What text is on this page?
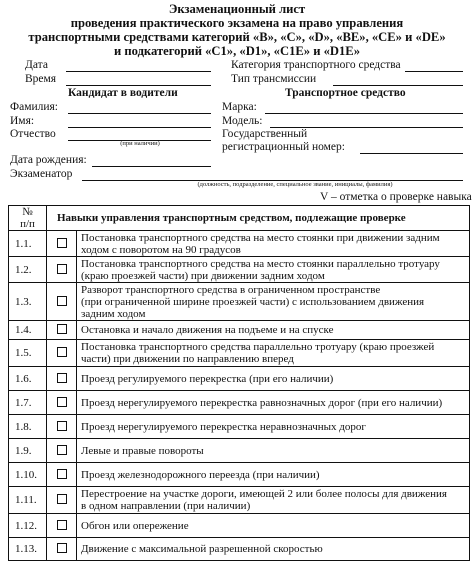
Экзаменационный лист
проведения практического экзамена на право управления
транспортными средствами категорий «В», «С», «D», «ВЕ», «СЕ» и «DE»
и подкатегорий «С1», «D1», «С1Е» и «D1Е»
Дата
Время
Категория транспортного средства
Тип трансмиссии
Кандидат в водители	Транспортное средство
Фамилия:
Имя:
Отчество
(при наличии)
Дата рождения:
Экзаменатор
(должность, подразделение, специальное звание, инициалы, фамилия)
Марка:
Модель:
Государственный
регистрационный номер:
V – отметка о проверке навыка
№
п/п	Навыки управления транспортным средством, подлежащие проверке	
1.1.		Постановка транспортного средства на место стоянки при движении задним
ходом с поворотом на 90 градусов

1.2.		Постановка транспортного средства на место стоянки параллельно тротуару
(краю проезжей части) при движении задним ходом

1.3.		Разворот транспортного средства в ограниченном пространстве
(при ограниченной ширине проезжей части) с использованием движения
задним ходом

1.4.		Остановка и начало движения на подъеме и на спуске

1.5.		Постановка транспортного средства параллельно тротуару (краю проезжей
части) при движении по направлению вперед

1.6.		Проезд регулируемого перекрестка (при его наличии)

1.7.		Проезд нерегулируемого перекрестка равнозначных дорог (при его наличии)

1.8.		Проезд нерегулируемого перекрестка неравнозначных дорог

1.9.		Левые и правые повороты

1.10.		Проезд железнодорожного переезда (при наличии)

1.11.		Перестроение на участке дороги, имеющей 2 или более полосы для движения
в одном направлении (при наличии)

1.12.		Обгон или опережение

1.13.		Движение с максимальной разрешенной скоростью
